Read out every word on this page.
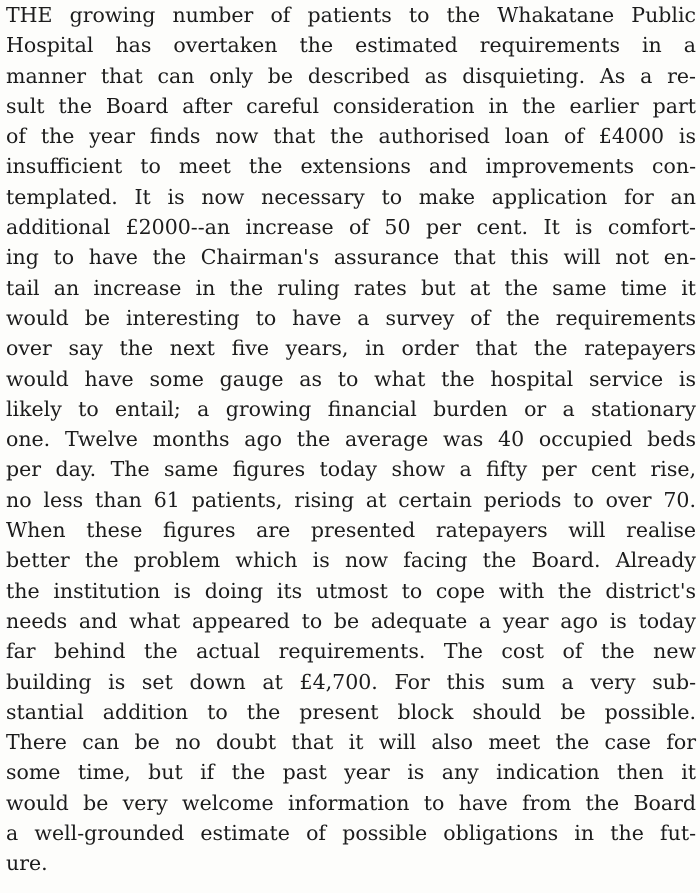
THE growing number of patients to the Whakatane Public
Hospital has overtaken the estimated requirements in a
manner that can only be described as disquieting. As a re-
sult the Board after careful consideration in the earlier part
of the year finds now that the authorised loan of £4000 is
insufficient to meet the extensions and improvements con-
templated. It is now necessary to make application for an
additional £2000--an increase of 50 per cent. It is comfort-
ing to have the Chairman's assurance that this will not en-
tail an increase in the ruling rates but at the same time it
would be interesting to have a survey of the requirements
over say the next five years, in order that the ratepayers
would have some gauge as to what the hospital service is
likely to entail; a growing financial burden or a stationary
one. Twelve months ago the average was 40 occupied beds
per day. The same figures today show a fifty per cent rise,
no less than 61 patients, rising at certain periods to over 70.
When these figures are presented ratepayers will realise
better the problem which is now facing the Board. Already
the institution is doing its utmost to cope with the district's
needs and what appeared to be adequate a year ago is today
far behind the actual requirements. The cost of the new
building is set down at £4,700. For this sum a very sub-
stantial addition to the present block should be possible.
There can be no doubt that it will also meet the case for
some time, but if the past year is any indication then it
would be very welcome information to have from the Board
a well-grounded estimate of possible obligations in the fut-
ure.
